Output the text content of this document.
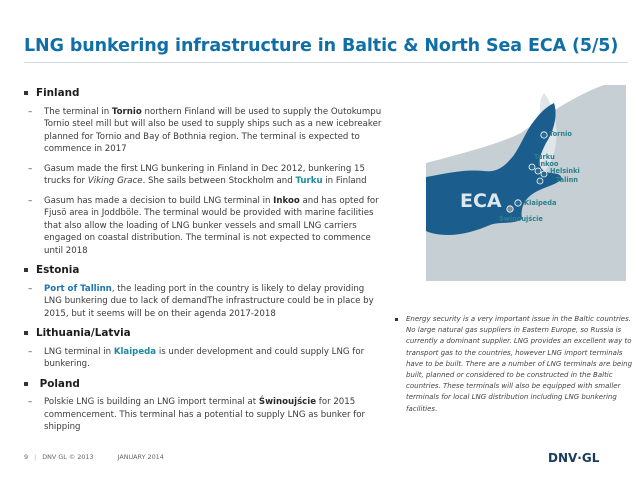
LNG bunkering infrastructure in Baltic & North Sea ECA (5/5)
Finland
– The terminal in Tornio northern Finland will be used to supply the Outokumpu Tornio steel mill but will also be used to supply ships such as a new icebreaker planned for Tornio and Bay of Bothnia region. The terminal is expected to commence in 2017
– Gasum made the first LNG bunkering in Finland in Dec 2012, bunkering 15 trucks for Viking Grace. She sails between Stockholm and Turku in Finland
– Gasum has made a decision to build LNG terminal in Inkoo and has opted for Fjusö area in Joddböle. The terminal would be provided with marine facilities that also allow the loading of LNG bunker vessels and small LNG carriers engaged on coastal distribution. The terminal is not expected to commence until 2018
Estonia
– Port of Tallinn, the leading port in the country is likely to delay providing LNG bunkering due to lack of demandThe infrastructure could be in place by 2015, but it seems will be on their agenda 2017-2018
Lithuania/Latvia
– LNG terminal in Klaipeda is under development and could supply LNG for bunkering.
Poland
– Polskie LNG is building an LNG import terminal at Świnoujście for 2015 commencement. This terminal has a potential to supply LNG as bunker for shipping
ECA
Tornio
Turku
Inkoo
Helsinki
Talinn
Klaipeda
Świnoujście
Energy security is a very important issue in the Baltic countries. No large natural gas suppliers in Eastern Europe, so Russia is currently a dominant supplier. LNG provides an excellent way to transport gas to the countries, however LNG import terminals have to be built. There are a number of LNG terminals are being built, planned or considered to be constructed in the Baltic countries. These terminals will also be equipped with smaller terminals for local LNG distribution including LNG bunkering facilities.
9 | DNV GL © 2013	JANUARY 2014	DNV·GL
